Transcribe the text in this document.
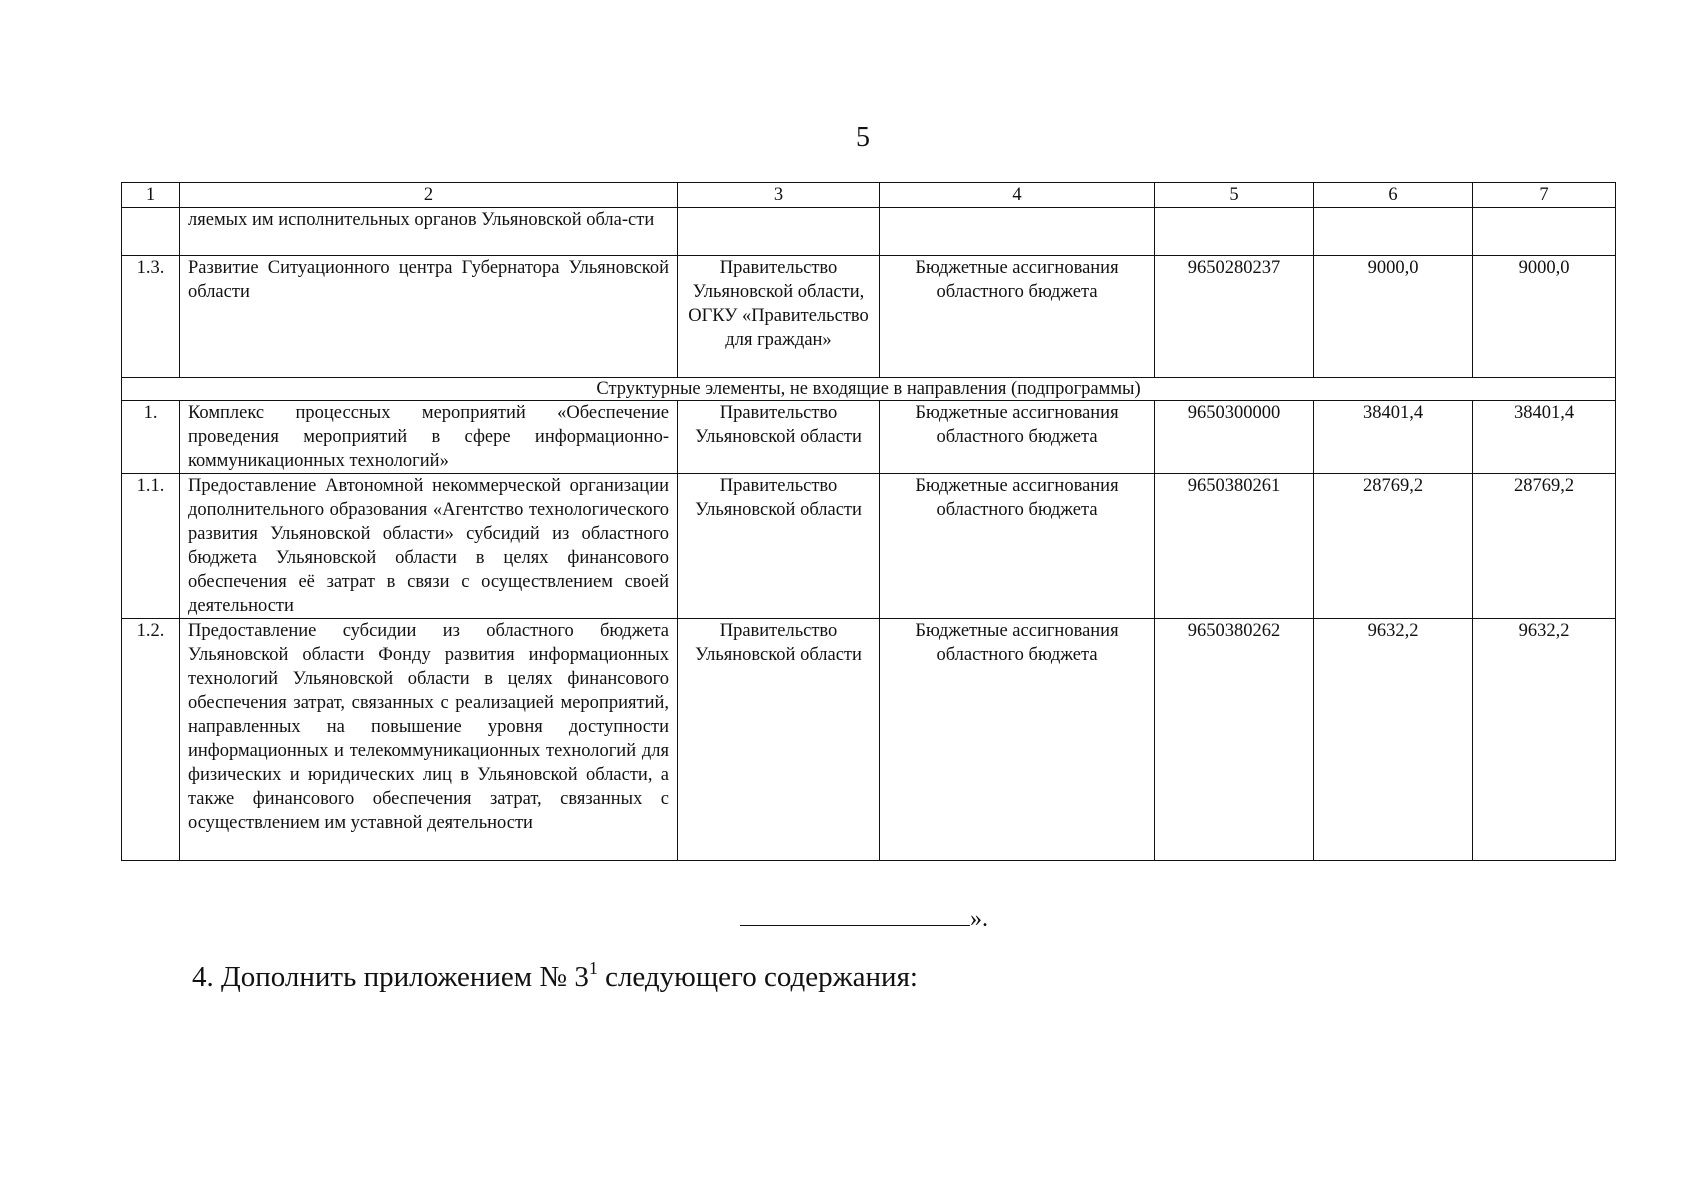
5
1	2	3	4	5	6	7
	ляемых им исполнительных органов Ульяновской обла-сти					
1.3.	Развитие Ситуационного центра Губернатора Ульяновской области	Правительство Ульяновской области, ОГКУ «Правительство для граждан»	Бюджетные ассигнования областного бюджета	9650280237	9000,0	9000,0
Структурные элементы, не входящие в направления (подпрограммы)						
1.	Комплекс процессных мероприятий «Обеспечение проведения мероприятий в сфере информационно-коммуникационных технологий»	Правительство Ульяновской области	Бюджетные ассигнования областного бюджета	9650300000	38401,4	38401,4
1.1.	Предоставление Автономной некоммерческой организации дополнительного образования «Агентство технологического развития Ульяновской области» субсидий из областного бюджета Ульяновской области в целях финансового обеспечения её затрат в связи с осуществлением своей деятельности	Правительство Ульяновской области	Бюджетные ассигнования областного бюджета	9650380261	28769,2	28769,2
1.2.	Предоставление субсидии из областного бюджета Ульяновской области Фонду развития информационных технологий Ульяновской области в целях финансового обеспечения затрат, связанных с реализацией мероприятий, направленных на повышение уровня доступности информационных и телекоммуникационных технологий для физических и юридических лиц в Ульяновской области, а также финансового обеспечения затрат, связанных с осуществлением им уставной деятельности	Правительство Ульяновской области	Бюджетные ассигнования областного бюджета	9650380262	9632,2	9632,2
».
4. Дополнить приложением № $3^1$ следующего содержания:
